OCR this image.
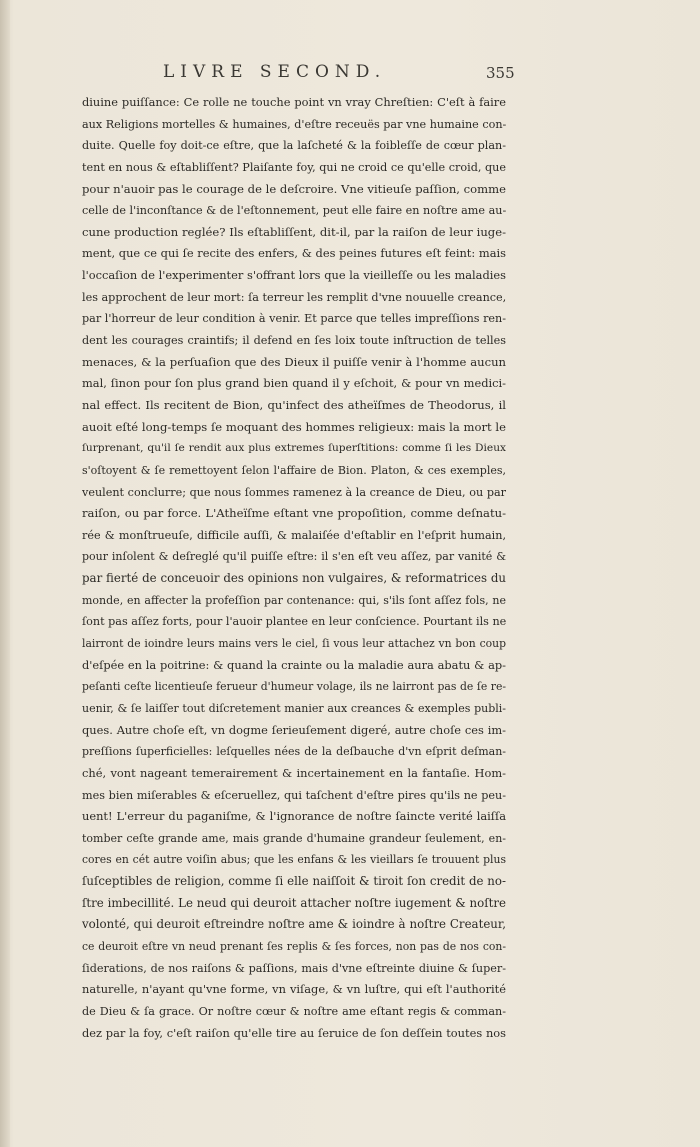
LIVRE SECOND.	355
diuine puiſſance: Ce rolle ne touche point vn vray Chreſtien: C'eſt à faire
aux Religions mortelles & humaines, d'eſtre receuës par vne humaine con-
duite. Quelle foy doit-ce eſtre, que la laſcheté & la foibleſſe de cœur plan-
tent en nous & eſtabliſſent? Plaiſante foy, qui ne croid ce qu'elle croid, que
pour n'auoir pas le courage de le deſcroire. Vne vitieuſe paſſion, comme
celle de l'inconſtance & de l'eſtonnement, peut elle faire en noſtre ame au-
cune production reglée? Ils eſtabliſſent, dit-il, par la raiſon de leur iuge-
ment, que ce qui ſe recite des enfers, & des peines futures eſt feint: mais
l'occaſion de l'experimenter s'offrant lors que la vieilleſſe ou les maladies
les approchent de leur mort: ſa terreur les remplit d'vne nouuelle creance,
par l'horreur de leur condition à venir. Et parce que telles impreſſions ren-
dent les courages craintifs; il defend en ſes loix toute inſtruction de telles
menaces, & la perſuaſion que des Dieux il puiſſe venir à l'homme aucun
mal, ſinon pour ſon plus grand bien quand il y eſchoit, & pour vn medici-
nal effect. Ils recitent de Bion, qu'infect des atheïſmes de Theodorus, il
auoit eſté long-temps ſe moquant des hommes religieux: mais la mort le
ſurprenant, qu'il ſe rendit aux plus extremes ſuperſtitions: comme ſi les Dieux
s'oſtoyent & ſe remettoyent ſelon l'affaire de Bion. Platon, & ces exemples,
veulent conclurre; que nous ſommes ramenez à la creance de Dieu, ou par
raiſon, ou par force. L'Atheïſme eſtant vne propoſition, comme deſnatu-
rée & monſtrueuſe, difficile auſſi, & malaiſée d'eſtablir en l'eſprit humain,
pour inſolent & deſreglé qu'il puiſſe eſtre: il s'en eſt veu aſſez, par vanité &
par fierté de conceuoir des opinions non vulgaires, & reformatrices du
monde, en affecter la profeſſion par contenance: qui, s'ils ſont aſſez fols, ne
ſont pas aſſez forts, pour l'auoir plantee en leur conſcience. Pourtant ils ne
lairront de ioindre leurs mains vers le ciel, ſi vous leur attachez vn bon coup
d'eſpée en la poitrine: & quand la crainte ou la maladie aura abatu & ap-
peſanti ceſte licentieuſe ferueur d'humeur volage, ils ne lairront pas de ſe re-
uenir, & ſe laiſſer tout diſcretement manier aux creances & exemples publi-
ques. Autre choſe eſt, vn dogme ſerieuſement digeré, autre choſe ces im-
preſſions ſuperficielles: leſquelles nées de la deſbauche d'vn eſprit deſman-
ché, vont nageant temerairement & incertainement en la fantaſie. Hom-
mes bien miſerables & eſceruellez, qui taſchent d'eſtre pires qu'ils ne peu-
uent! L'erreur du paganiſme, & l'ignorance de noſtre ſaincte verité laiſſa
tomber ceſte grande ame, mais grande d'humaine grandeur ſeulement, en-
cores en cét autre voiſin abus; que les enfans & les vieillars ſe trouuent plus
ſuſceptibles de religion, comme ſi elle naiſſoit & tiroit ſon credit de no-
ſtre imbecillité. Le neud qui deuroit attacher noſtre iugement & noſtre
volonté, qui deuroit eſtreindre noſtre ame & ioindre à noſtre Createur,
ce deuroit eſtre vn neud prenant ſes replis & ſes forces, non pas de nos con-
ſiderations, de nos raiſons & paſſions, mais d'vne eſtreinte diuine & ſuper-
naturelle, n'ayant qu'vne forme, vn viſage, & vn luſtre, qui eſt l'authorité
de Dieu & ſa grace. Or noſtre cœur & noſtre ame eſtant regis & comman-
dez par la foy, c'eſt raiſon qu'elle tire au ſeruice de ſon deſſein toutes nos
